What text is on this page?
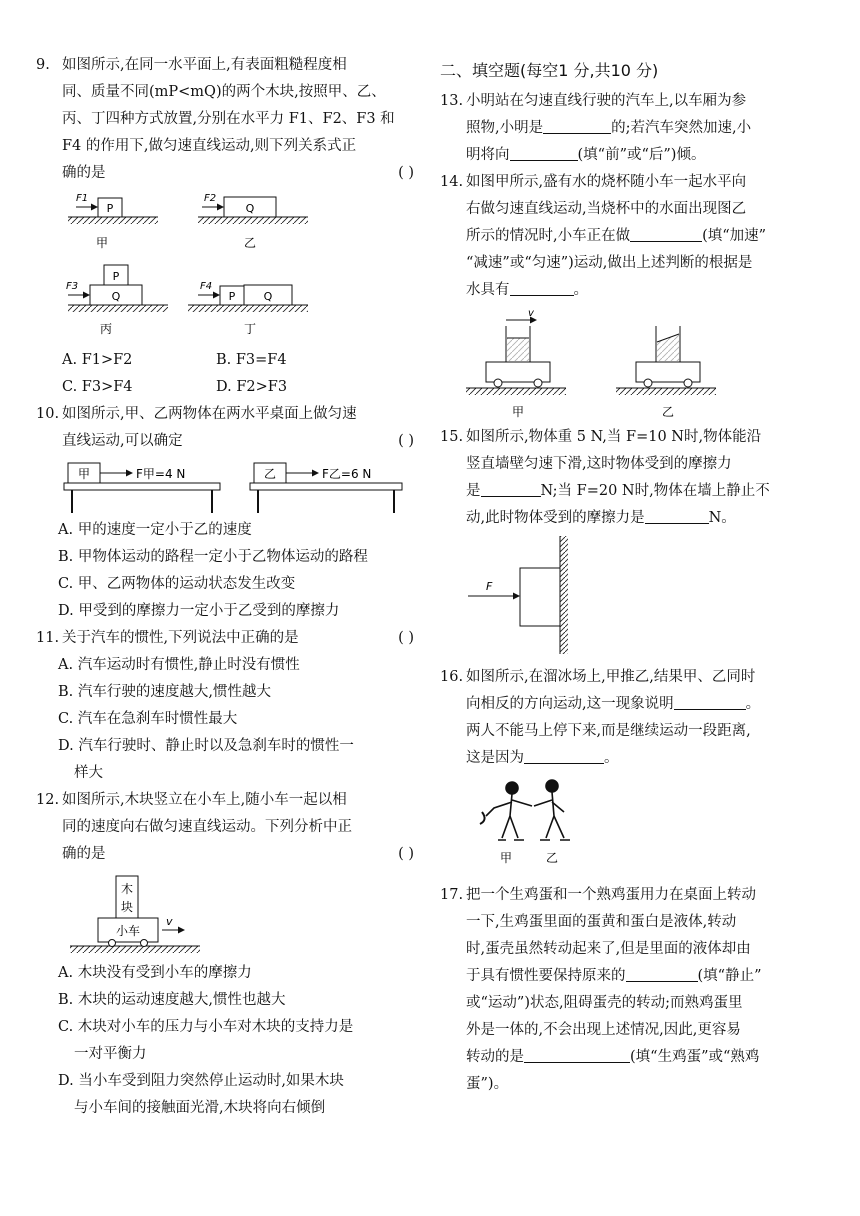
9. 如图所示,在同一水平面上,有表面粗糙程度相
同、质量不同(mP<mQ)的两个木块,按照甲、乙、
丙、丁四种方式放置,分别在水平力 F1、F2、F3 和
F4 的作用下,做匀速直线运动,则下列关系式正
确的是	( )
P
F1
甲
Q
F2
乙
Q
P
F3
丙
P	Q
F4
丁
A. F1>F2	B. F3=F4
C. F3>F4	D. F2>F3
10. 如图所示,甲、乙两物体在两水平桌面上做匀速
直线运动,可以确定	( )
甲	F甲=4 N	乙	F乙=6 N
A. 甲的速度一定小于乙的速度
B. 甲物体运动的路程一定小于乙物体运动的路程
C. 甲、乙两物体的运动状态发生改变
D. 甲受到的摩擦力一定小于乙受到的摩擦力
11. 关于汽车的惯性,下列说法中正确的是	( )
A. 汽车运动时有惯性,静止时没有惯性
B. 汽车行驶的速度越大,惯性越大
C. 汽车在急刹车时惯性最大
D. 汽车行驶时、静止时以及急刹车时的惯性一
样大
12. 如图所示,木块竖立在小车上,随小车一起以相
同的速度向右做匀速直线运动。下列分析中正
确的是	( )
小车
木
块
v
A. 木块没有受到小车的摩擦力
B. 木块的运动速度越大,惯性也越大
C. 木块对小车的压力与小车对木块的支持力是
一对平衡力
D. 当小车受到阻力突然停止运动时,如果木块
与小车间的接触面光滑,木块将向右倾倒
二、填空题(每空1 分,共10 分)
13. 小明站在匀速直线行驶的汽车上,以车厢为参
照物,小明是	的;若汽车突然加速,小
明将向	(填“前”或“后”)倾。
14. 如图甲所示,盛有水的烧杯随小车一起水平向
右做匀速直线运动,当烧杯中的水面出现图乙
所示的情况时,小车正在做	(填“加速”
“减速”或“匀速”)运动,做出上述判断的根据是
水具有	。
v
甲	乙
15. 如图所示,物体重 5 N,当 F=10 N时,物体能沿
竖直墙壁匀速下滑,这时物体受到的摩擦力
是	N;当 F=20 N时,物体在墙上静止不
动,此时物体受到的摩擦力是	N。
F
16. 如图所示,在溜冰场上,甲推乙,结果甲、乙同时
向相反的方向运动,这一现象说明	。
两人不能马上停下来,而是继续运动一段距离,
这是因为	。
甲	乙
17. 把一个生鸡蛋和一个熟鸡蛋用力在桌面上转动
一下,生鸡蛋里面的蛋黄和蛋白是液体,转动
时,蛋壳虽然转动起来了,但是里面的液体却由
于具有惯性要保持原来的	(填“静止”
或“运动”)状态,阻碍蛋壳的转动;而熟鸡蛋里
外是一体的,不会出现上述情况,因此,更容易
转动的是	(填“生鸡蛋”或“熟鸡
蛋”)。
